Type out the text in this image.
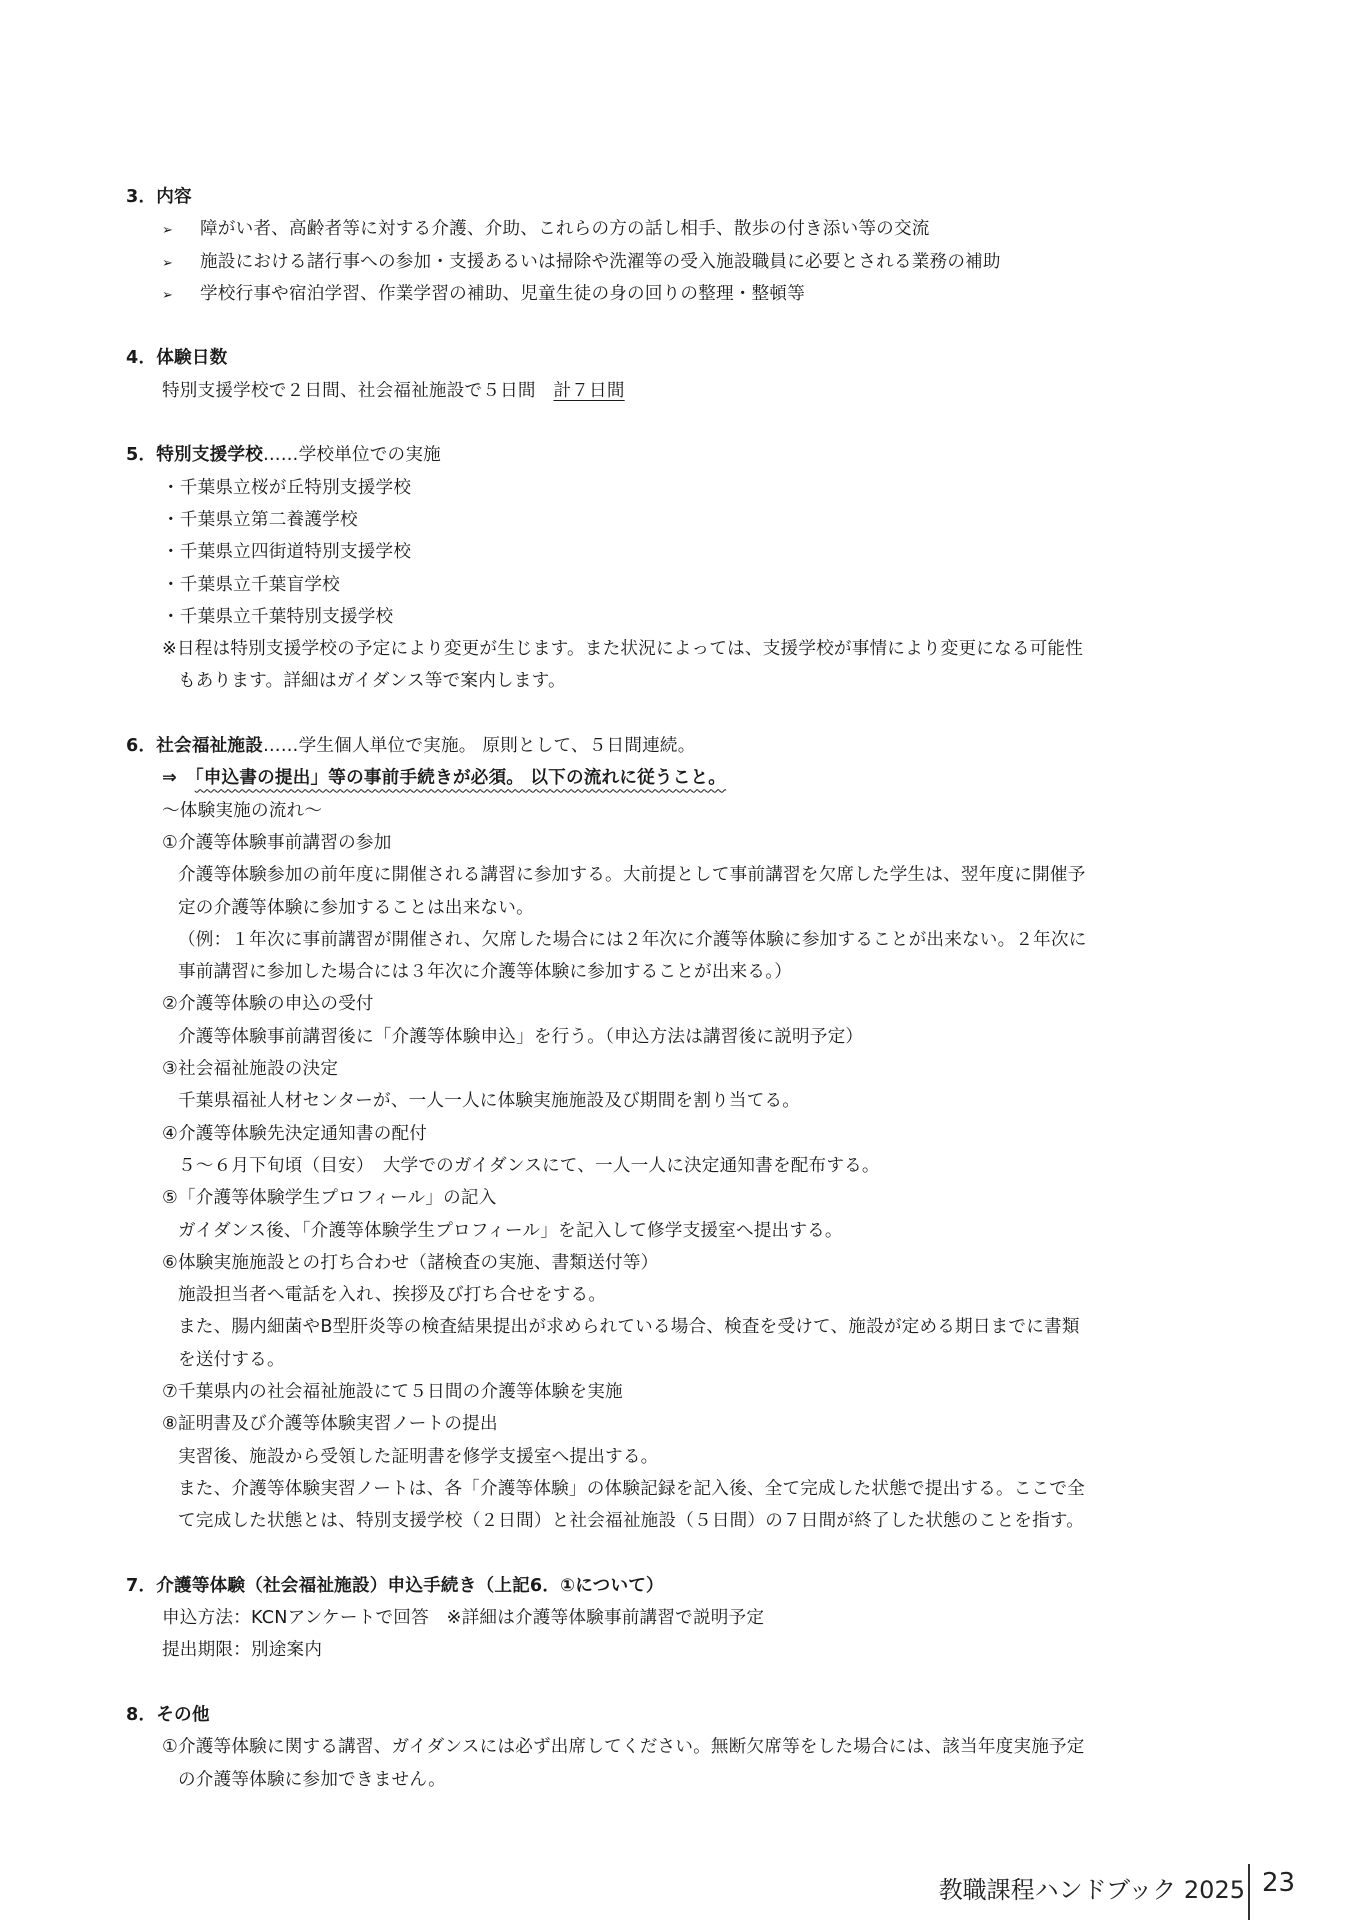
3．内容
➢ 障がい者、高齢者等に対する介護、介助、これらの方の話し相手、散歩の付き添い等の交流
➢ 施設における諸行事への参加・支援あるいは掃除や洗濯等の受入施設職員に必要とされる業務の補助
➢ 学校行事や宿泊学習、作業学習の補助、児童生徒の身の回りの整理・整頓等
4．体験日数
特別支援学校で２日間、社会福祉施設で５日間　計７日間
5．特別支援学校……学校単位での実施
・千葉県立桜が丘特別支援学校
・千葉県立第二養護学校
・千葉県立四街道特別支援学校
・千葉県立千葉盲学校
・千葉県立千葉特別支援学校
※日程は特別支援学校の予定により変更が生じます。また状況によっては、支援学校が事情により変更になる可能性
もあります。詳細はガイダンス等で案内します。
6．社会福祉施設……学生個人単位で実施。 原則として、５日間連続。
⇒　 「申込書の提出」等の事前手続きが必須。 以下の流れに従うこと。
～体験実施の流れ～
①介護等体験事前講習の参加
介護等体験参加の前年度に開催される講習に参加する。大前提として事前講習を欠席した学生は、翌年度に開催予
定の介護等体験に参加することは出来ない。
（例：１年次に事前講習が開催され、欠席した場合には２年次に介護等体験に参加することが出来ない。２年次に
事前講習に参加した場合には３年次に介護等体験に参加することが出来る。）
②介護等体験の申込の受付
介護等体験事前講習後に「介護等体験申込」を行う。（申込方法は講習後に説明予定）
③社会福祉施設の決定
千葉県福祉人材センターが、一人一人に体験実施施設及び期間を割り当てる。
④介護等体験先決定通知書の配付
５～６月下旬頃（目安）　大学でのガイダンスにて、一人一人に決定通知書を配布する。
⑤「介護等体験学生プロフィール」の記入
ガイダンス後、「介護等体験学生プロフィール」を記入して修学支援室へ提出する。
⑥体験実施施設との打ち合わせ（諸検査の実施、書類送付等）
施設担当者へ電話を入れ、挨拶及び打ち合せをする。
また、腸内細菌やB型肝炎等の検査結果提出が求められている場合、検査を受けて、施設が定める期日までに書類
を送付する。
⑦千葉県内の社会福祉施設にて５日間の介護等体験を実施
⑧証明書及び介護等体験実習ノートの提出
実習後、施設から受領した証明書を修学支援室へ提出する。
また、介護等体験実習ノートは、各「介護等体験」の体験記録を記入後、全て完成した状態で提出する。ここで全
て完成した状態とは、特別支援学校（２日間）と社会福祉施設（５日間）の７日間が終了した状態のことを指す。
7．介護等体験（社会福祉施設）申込手続き（上記6．①について）
申込方法：KCNアンケートで回答　※詳細は介護等体験事前講習で説明予定
提出期限：別途案内
8．その他
①介護等体験に関する講習、ガイダンスには必ず出席してください。無断欠席等をした場合には、該当年度実施予定
の介護等体験に参加できません。
教職課程ハンドブック 2025 23
